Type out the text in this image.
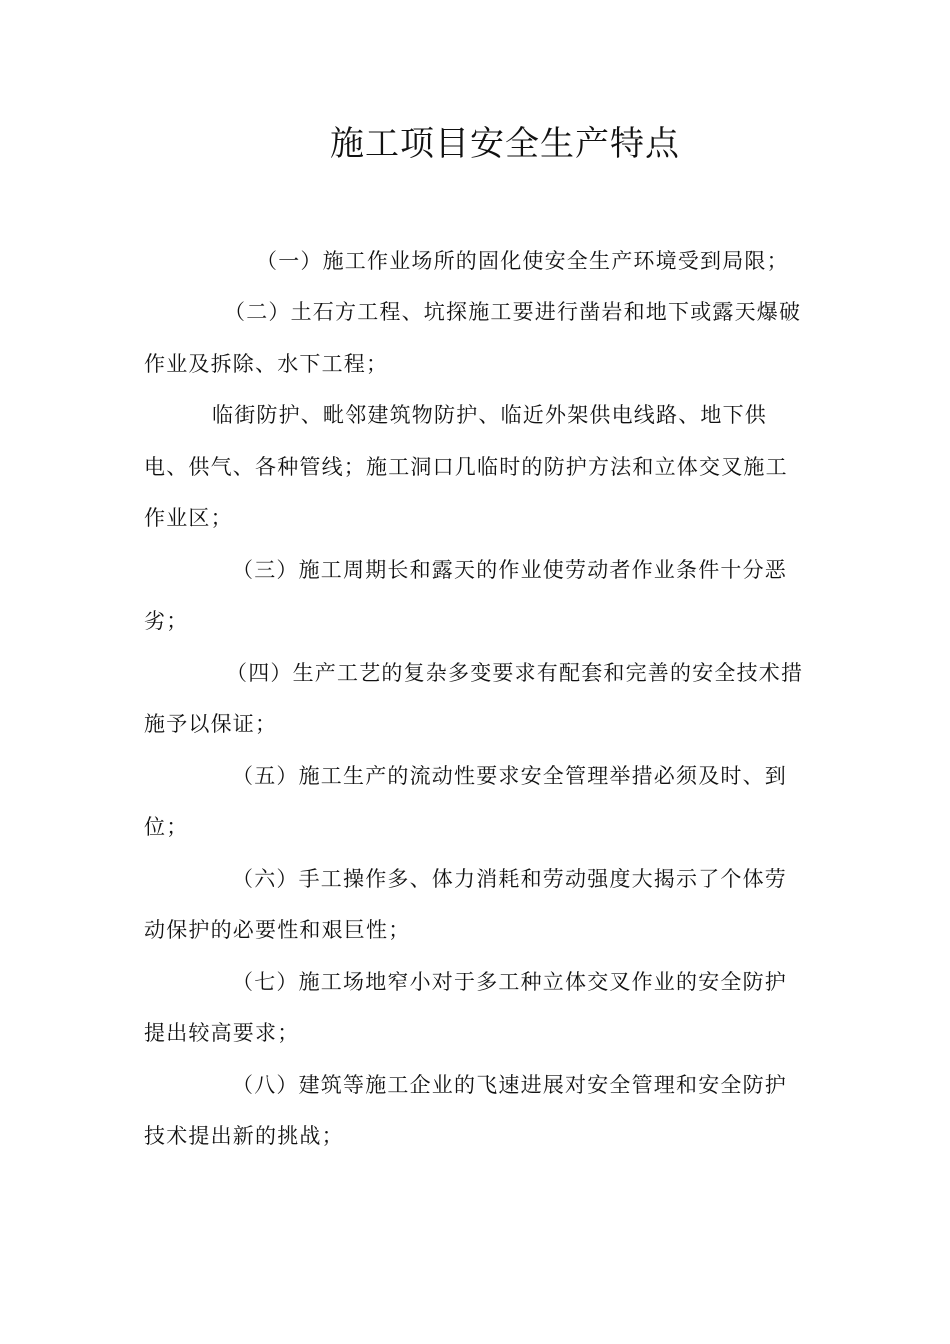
施工项目安全生产特点
（一）施工作业场所的固化使安全生产环境受到局限；
（二）土石方工程、坑探施工要进行凿岩和地下或露天爆破
作业及拆除、水下工程；
临街防护、毗邻建筑物防护、临近外架供电线路、地下供
电、供气、各种管线；施工洞口几临时的防护方法和立体交叉施工
作业区；
（三）施工周期长和露天的作业使劳动者作业条件十分恶
劣；
（四）生产工艺的复杂多变要求有配套和完善的安全技术措
施予以保证；
（五）施工生产的流动性要求安全管理举措必须及时、到
位；
（六）手工操作多、体力消耗和劳动强度大揭示了个体劳
动保护的必要性和艰巨性；
（七）施工场地窄小对于多工种立体交叉作业的安全防护
提出较高要求；
（八）建筑等施工企业的飞速进展对安全管理和安全防护
技术提出新的挑战；
